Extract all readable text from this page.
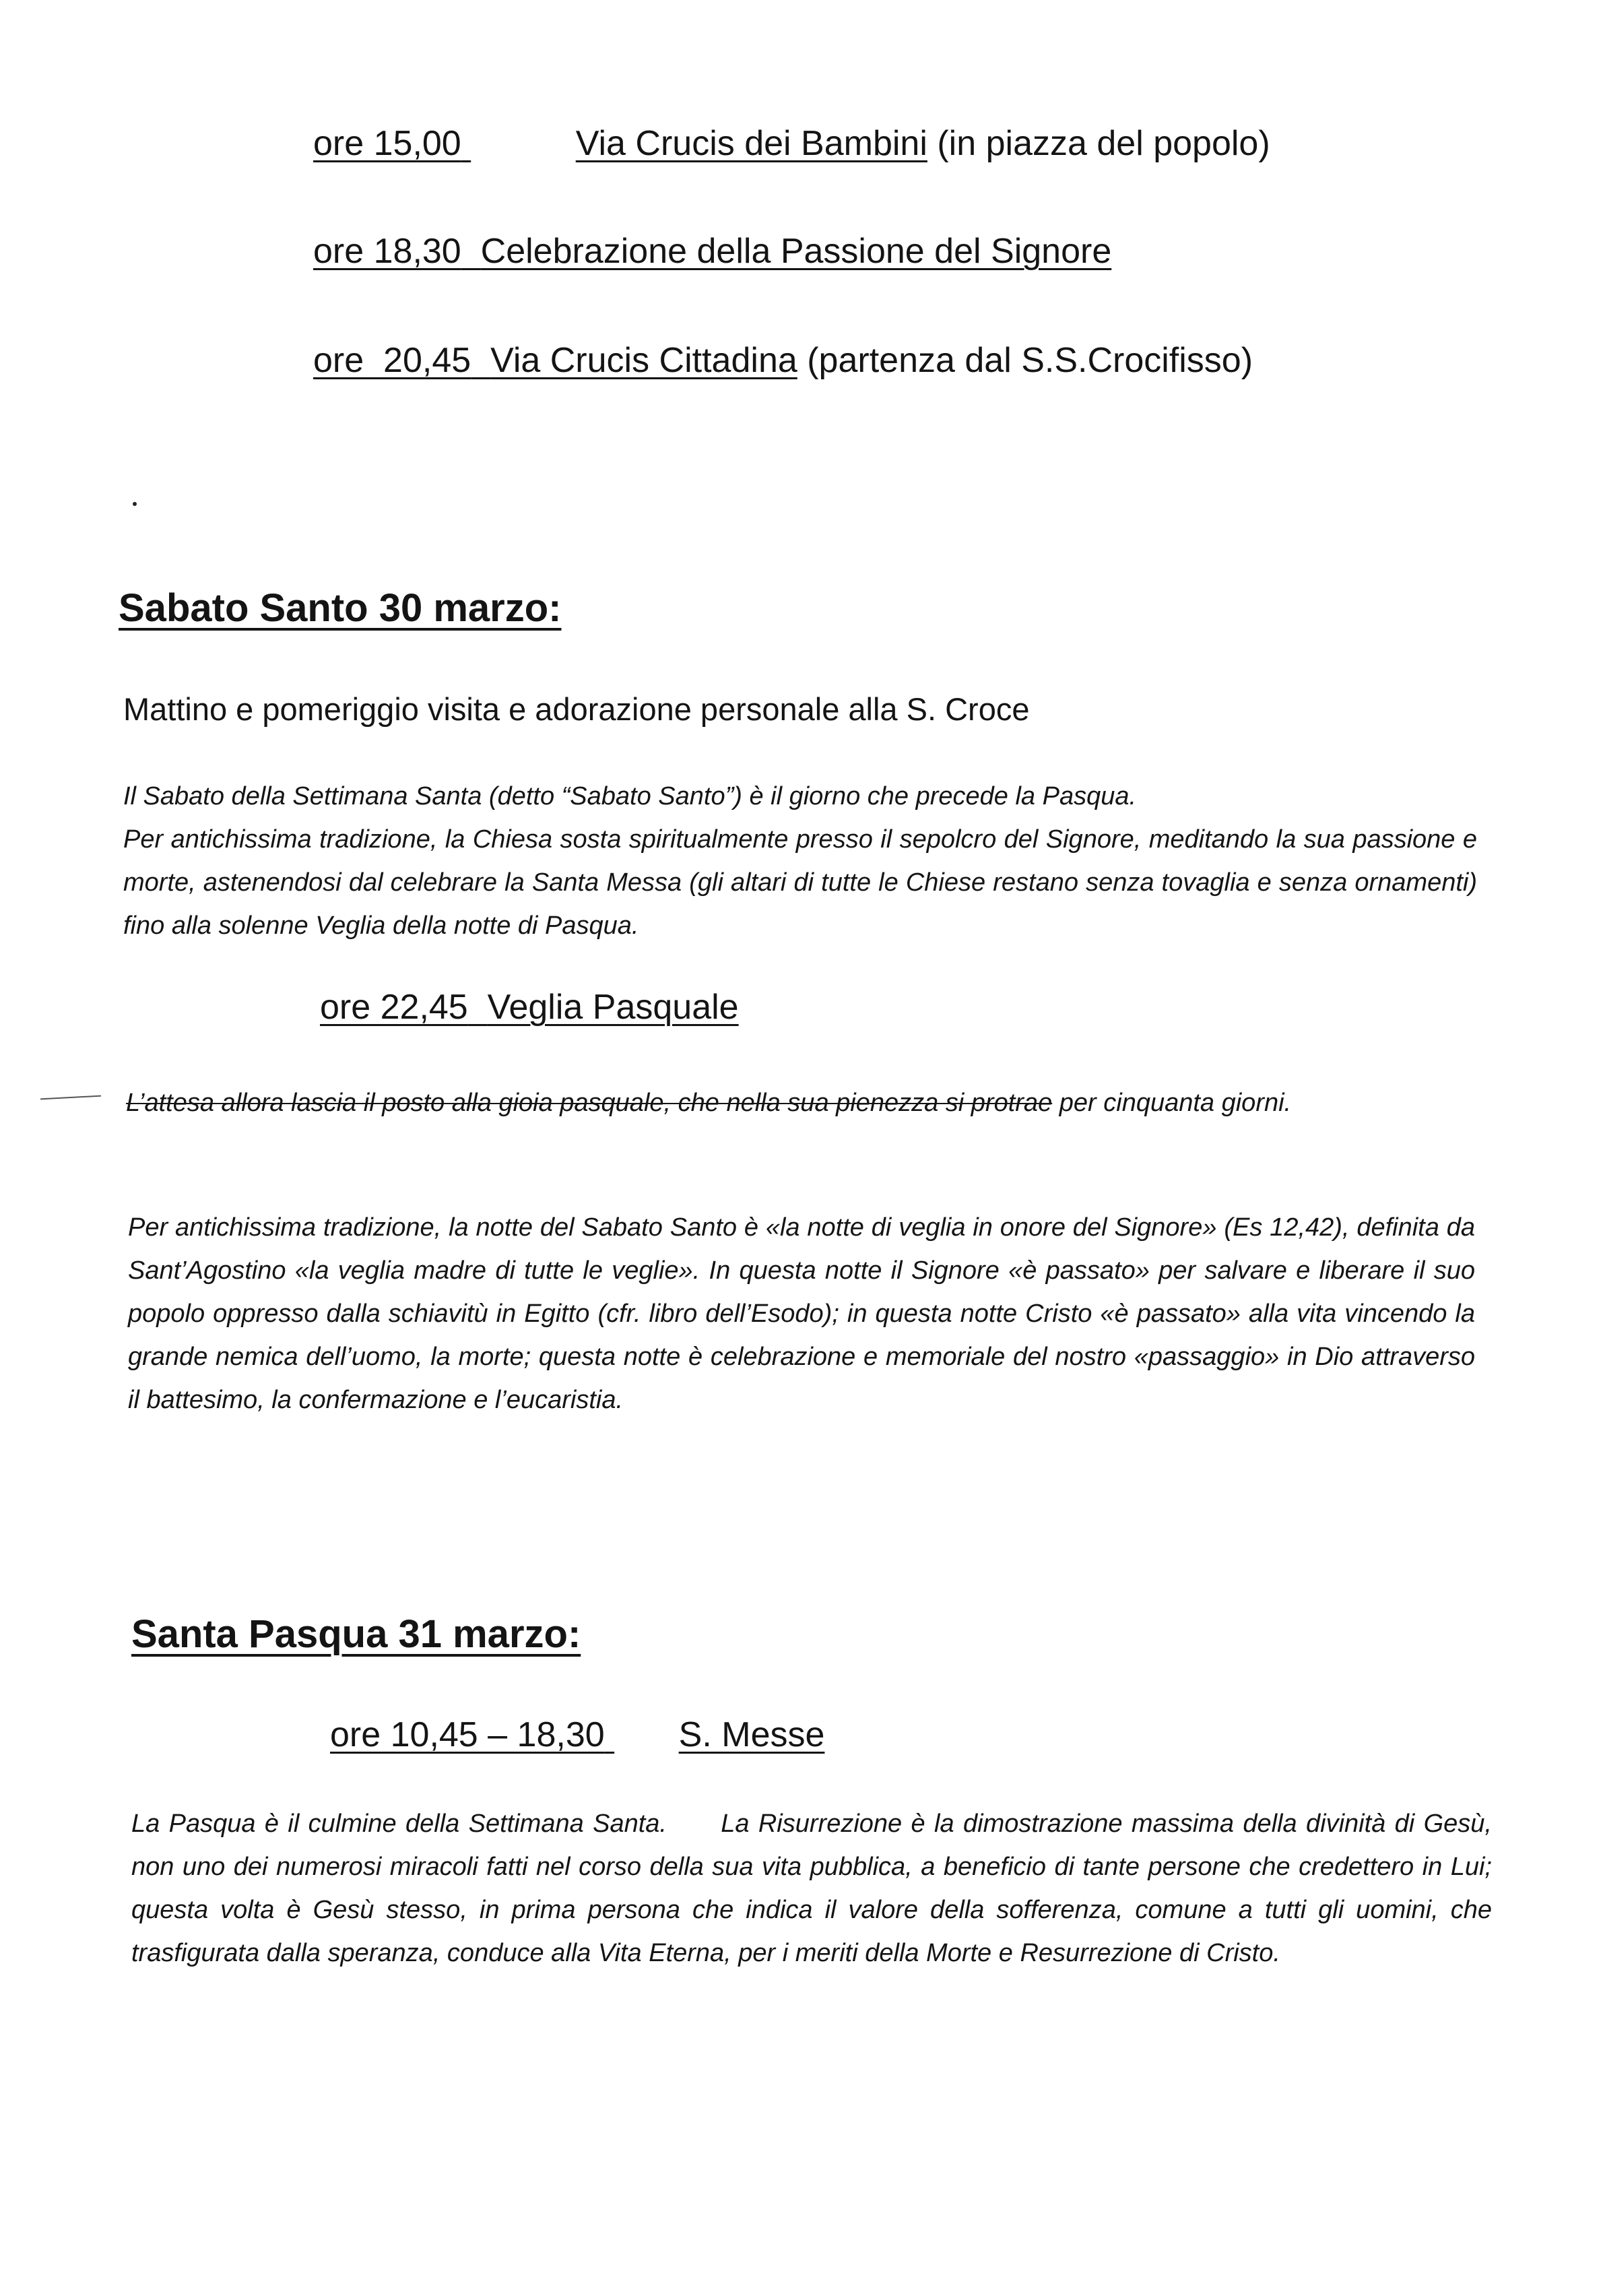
ore 15,00	Via Crucis dei Bambini (in piazza del popolo)
ore 18,30 Celebrazione della Passione del Signore
ore  20,45 Via Crucis Cittadina (partenza dal S.S.Crocifisso)
Sabato Santo 30 marzo:
Mattino e pomeriggio visita e adorazione personale alla S. Croce

Il Sabato della Settimana Santa (detto “Sabato Santo”) è il giorno che precede la Pasqua.

Per antichissima tradizione, la Chiesa sosta spiritualmente presso il sepolcro del Signore, meditando la sua passione e morte, astenendosi dal celebrare la Santa Messa (gli altari di tutte le Chiese restano senza tovaglia e senza ornamenti) fino alla solenne Veglia della notte di Pasqua.

ore 22,45 Veglia Pasquale
L’attesa allora lascia il posto alla gioia pasquale, che nella sua pienezza si protrae per cinquanta giorni.
Per antichissima tradizione, la notte del Sabato Santo è «la notte di veglia in onore del Signore» (Es 12,42), definita da Sant’Agostino «la veglia madre di tutte le veglie». In questa notte il Signore «è passato» per salvare e liberare il suo popolo oppresso dalla schiavitù in Egitto (cfr. libro dell’Esodo); in questa notte Cristo «è passato» alla vita vincendo la grande nemica dell’uomo, la morte; questa notte è celebrazione e memoriale del nostro «passaggio» in Dio attraverso il battesimo, la confermazione e l’eucaristia.
Santa Pasqua 31 marzo:
ore 10,45 – 18,30 S. Messe
La Pasqua è il culmine della Settimana Santa.      La Risurrezione è la dimostrazione massima della divinità di Gesù, non uno dei numerosi miracoli fatti nel corso della sua vita pubblica, a beneficio di tante persone che credettero in Lui; questa volta è Gesù stesso, in prima persona che indica il valore della sofferenza, comune a tutti gli uomini, che trasfigurata dalla speranza, conduce alla Vita Eterna, per i meriti della Morte e Resurrezione di Cristo.
